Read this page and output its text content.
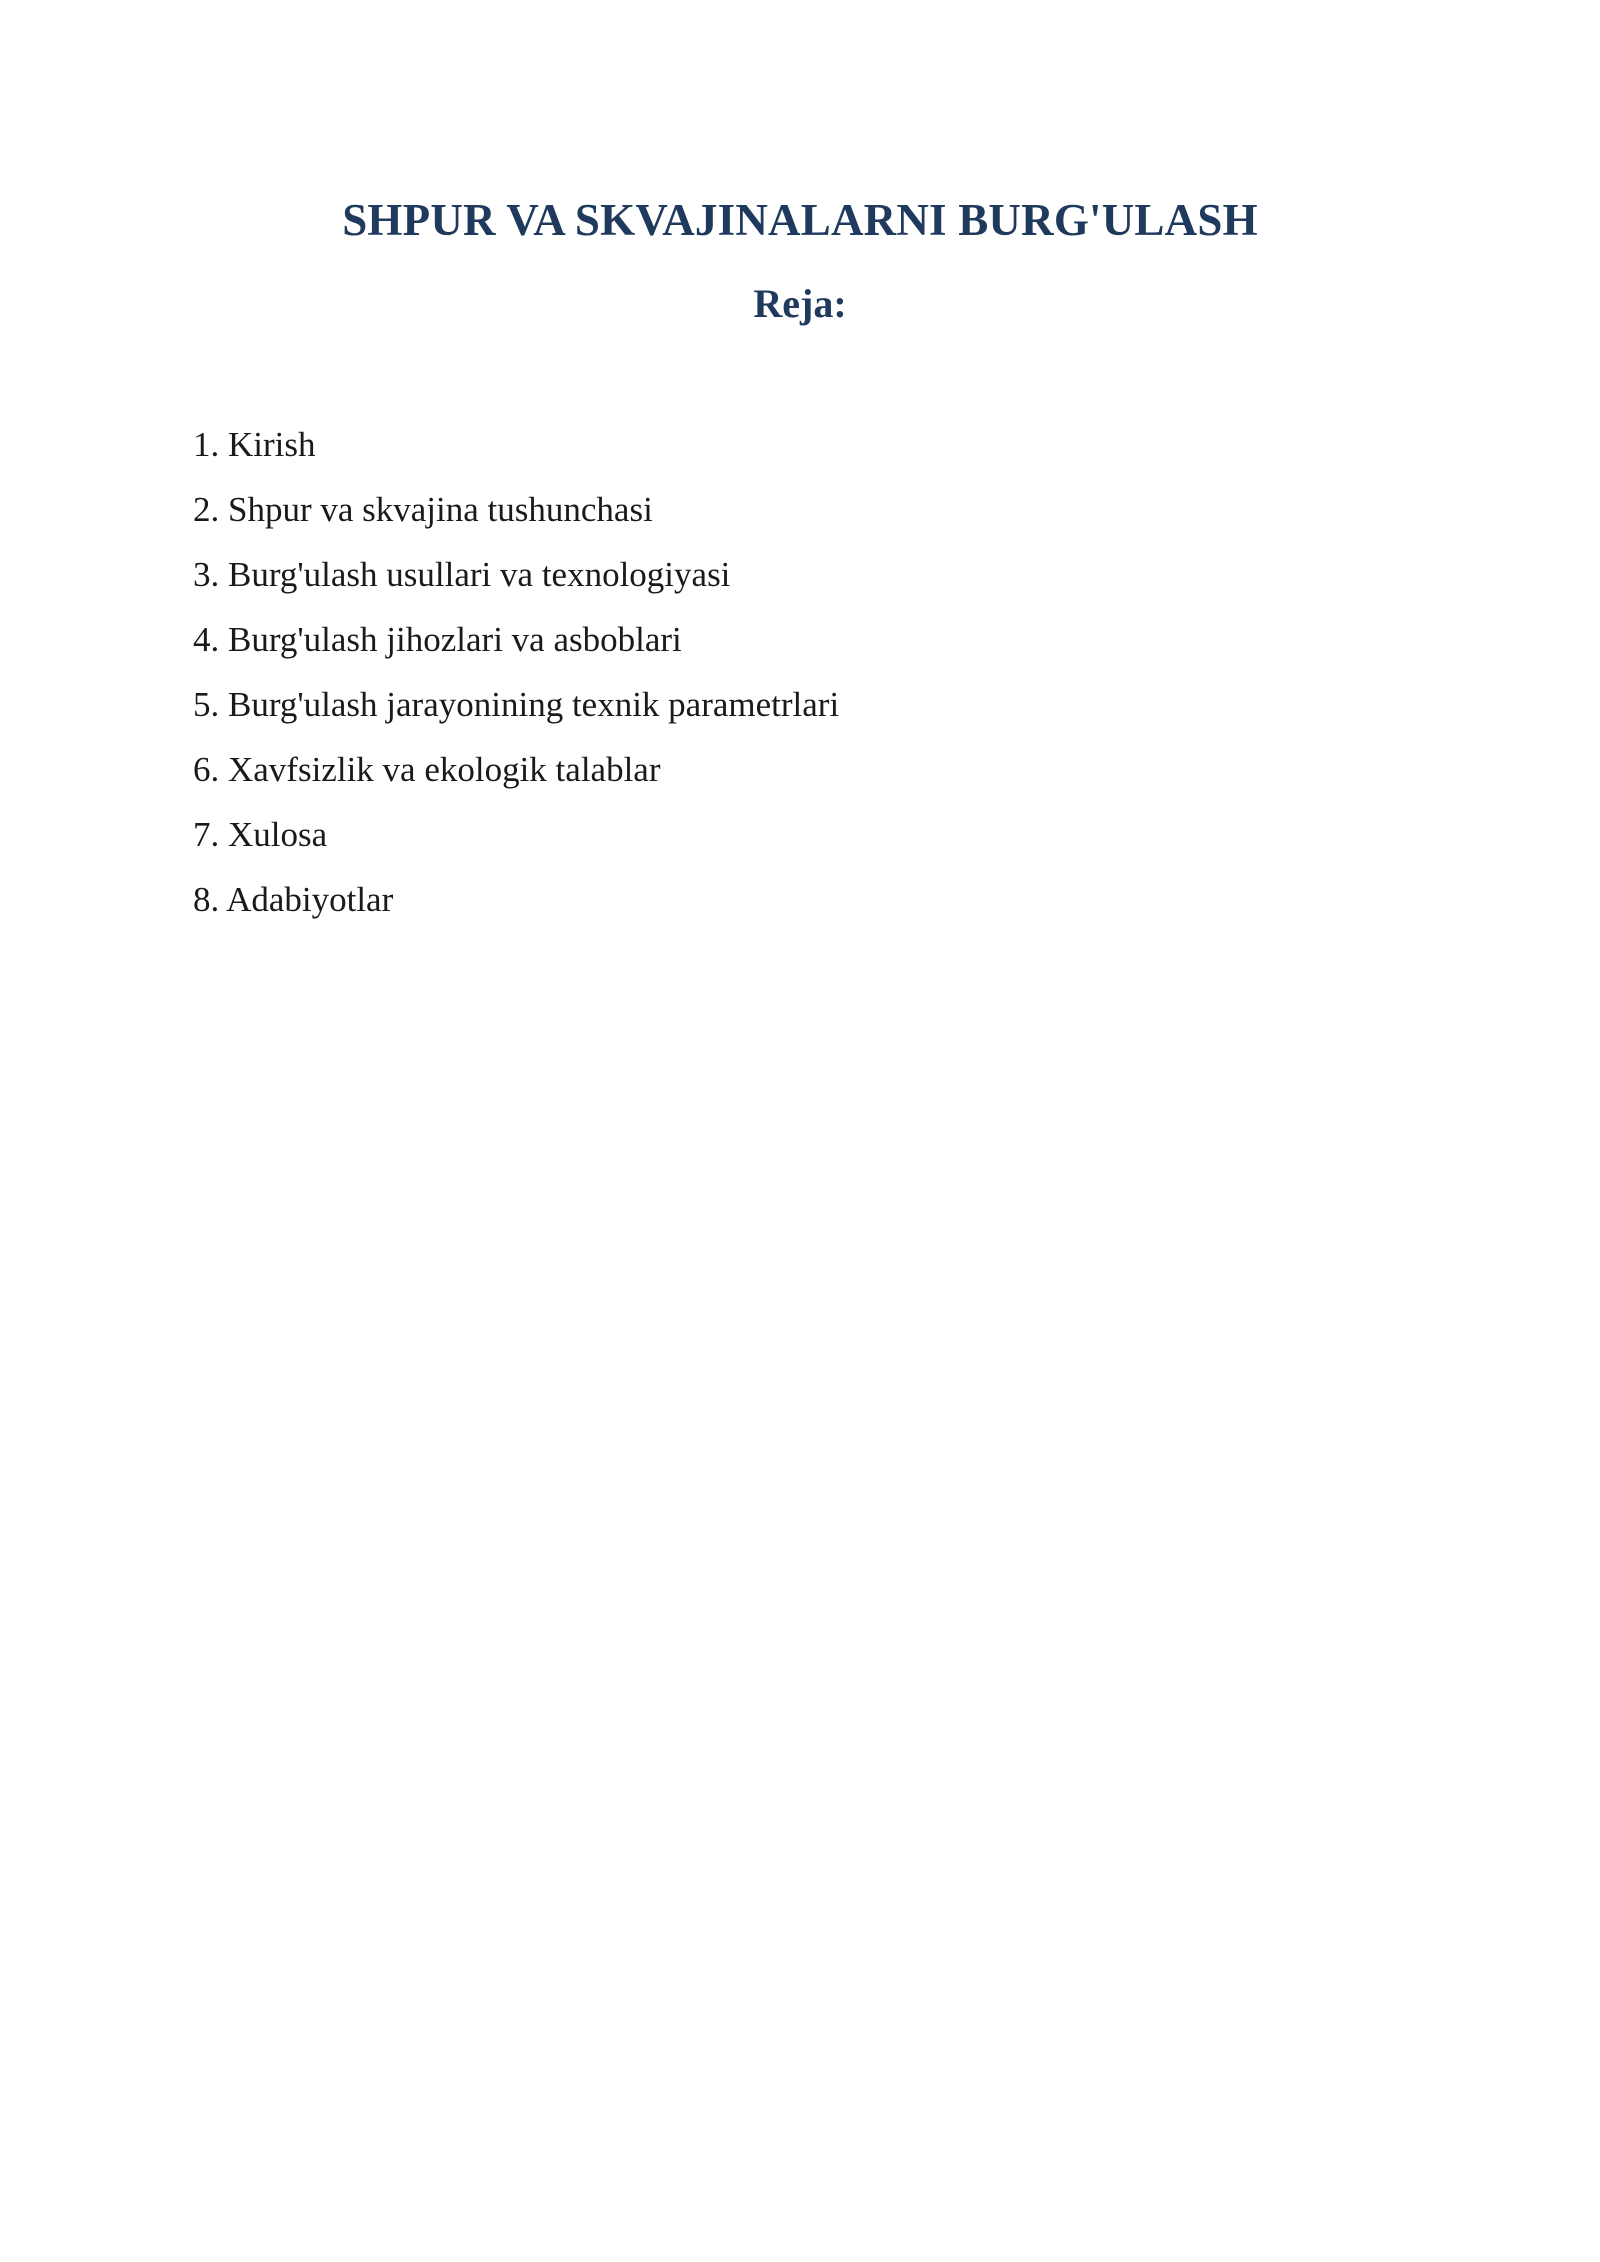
SHPUR VA SKVAJINALARNI BURG'ULASH
Reja:
1. Kirish
2. Shpur va skvajina tushunchasi
3. Burg'ulash usullari va texnologiyasi
4. Burg'ulash jihozlari va asboblari
5. Burg'ulash jarayonining texnik parametrlari
6. Xavfsizlik va ekologik talablar
7. Xulosa
8. Adabiyotlar
